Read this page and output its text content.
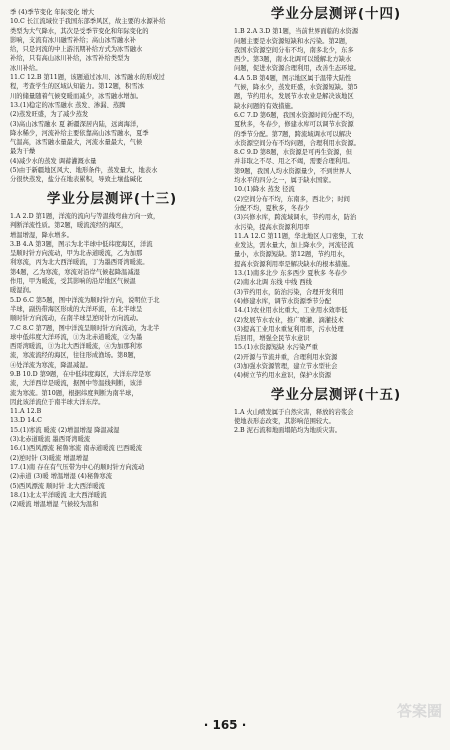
季 (4)季节变化 年际变化 增大
10.C 长江流域位于我国东部季风区，故主要的水源补给
类型为大气降水，其次是受季节变化和年际变化的
影响，支流有冰川融雪补给；高山冰雪融水补
给，只是河流的中上游汛期补给方式为冰雪融水
补给，只有高山冰川补给，冰雪补给类型为
冰川补给。
11.C 12.B 第11题，该题通过冰川、冰雪融水的形成过
程，考查学生的区域认知能力。第12题，积雪冰
川的储量随着气候变暖而减少，冰雪融水增加。
13.(1)稳定的冰雪融水 蒸发、渗漏、蒸腾
(2)蒸发旺盛，为了减少蒸发
(3)高山冰雪融水 夏 新疆深居内陆，远离海洋，
降水稀少，河流补给主要依靠高山冰雪融水，夏季
气温高，冰雪融水量最大，河流水量最大，气候
最为干燥
(4)减少水的蒸发 调蓄灌溉水量
(5)由于新疆地区风大、地形条件，蒸发量大，地表水
分很快蒸发，盐分在地表累积，导致土壤盐碱化
学业分层测评(十三)
1.A 2.D 第1题，洋流的流向与等温线弯曲方向一致，
判断洋流性质。第2题，暖流流经的海区，
增温增湿，降水增多。
3.B 4.A 第3题，图示为北半球中低纬度海区，洋流
呈顺时针方向流动，甲为北赤道暖流，乙为加那
利寒流，丙为北大西洋暖流，丁为墨西哥湾暖流。
第4题，乙为寒流，寒流对沿岸气候起降温减湿
作用，甲为暖流，受其影响的沿岸地区气候温
暖湿润。
5.D 6.C 第5题，图中洋流为顺时针方向，说明位于北
半球，副热带海区形成的大洋环流，在北半球呈
顺时针方向流动，在南半球呈逆时针方向流动。
7.C 8.C 第7题，图中洋流呈顺时针方向流动，为北半
球中低纬度大洋环流，①为北赤道暖流，②为墨
西哥湾暖流，③为北大西洋暖流，④为加那利寒
流，寒流流经的海区，往往形成渔场。第8题，
④处洋流为寒流，降温减湿。
9.B 10.D 第9题，在中低纬度海区，大洋东岸是寒
流，大洋西岸是暖流，据图中等温线判断，该洋
流为寒流。第10题，根据纬度判断为南半球，
因此该洋流位于南半球大洋东岸。
11.A 12.B
13.D 14.C
15.(1)寒流 暖流 (2)增温增湿 降温减湿
(3)北赤道暖流 墨西哥湾暖流
16.(1)西风漂流 秘鲁寒流 南赤道暖流 巴西暖流
(2)逆时针 (3)暖流 增温增湿
17.(1)南 存在有气压带为中心的顺时针方向流动
(2)赤道 (3)暖 增温增湿 (4)秘鲁寒流
(5)西风漂流 顺时针 北大西洋暖流
18.(1)北太平洋暖流 北大西洋暖流
(2)暖流 增温增湿 气候较为温和
学业分层测评(十四)
1.B 2.A 3.D 第1题，当前世界面临的水资源
问题主要是水资源短缺和水污染。第2题，
我国水资源空间分布不均，南多北少，东多
西少。第3题，南水北调可以缓解北方缺水
问题，促进水资源合理利用，改善生态环境。
4.A 5.B 第4题，图示地区属于温带大陆性
气候，降水少，蒸发旺盛，水资源短缺。第5
题，节约用水，发展节水农业是解决该地区
缺水问题的有效措施。
6.C 7.D 第6题，我国水资源时间分配不均，
夏秋多，冬春少，修建水库可以调节水资源
的季节分配。第7题，跨流域调水可以解决
水资源空间分布不均问题，合理利用水资源。
8.C 9.D 第8题，水资源是可再生资源，但
并非取之不尽、用之不竭，需要合理利用。
第9题，我国人均水资源量少，不到世界人
均水平的四分之一，属于缺水国家。
10.(1)降水 蒸发 径流
(2)空间分布不均，东南多，西北少；时间
分配不均，夏秋多，冬春少
(3)兴修水库，跨流域调水，节约用水，防治
水污染，提高水资源利用率
11.A 12.C 第11题，华北地区人口密集，工农
业发达，需水量大，加上降水少，河流径流
量小，水资源短缺。第12题，节约用水，
提高水资源利用率是解决缺水的根本措施。
13.(1)南多北少 东多西少 夏秋多 冬春少
(2)南水北调 东线 中线 西线
(3)节约用水，防治污染，合理开发利用
(4)修建水库，调节水资源季节分配
14.(1)农业用水比重大，工业用水效率低
(2)发展节水农业，推广喷灌、滴灌技术
(3)提高工业用水重复利用率，污水处理
后回用，增强全民节水意识
15.(1)水资源短缺 水污染严重
(2)开源与节流并重，合理利用水资源
(3)加强水资源管理，建立节水型社会
(4)树立节约用水意识，保护水资源
学业分层测评(十五)
1.A 火山喷发属于自然灾害，释放的岩浆会
使地表形态改变，其影响范围较大。
2.B 泥石流和地面塌陷均为地质灾害。
· 165 ·
答案圈
